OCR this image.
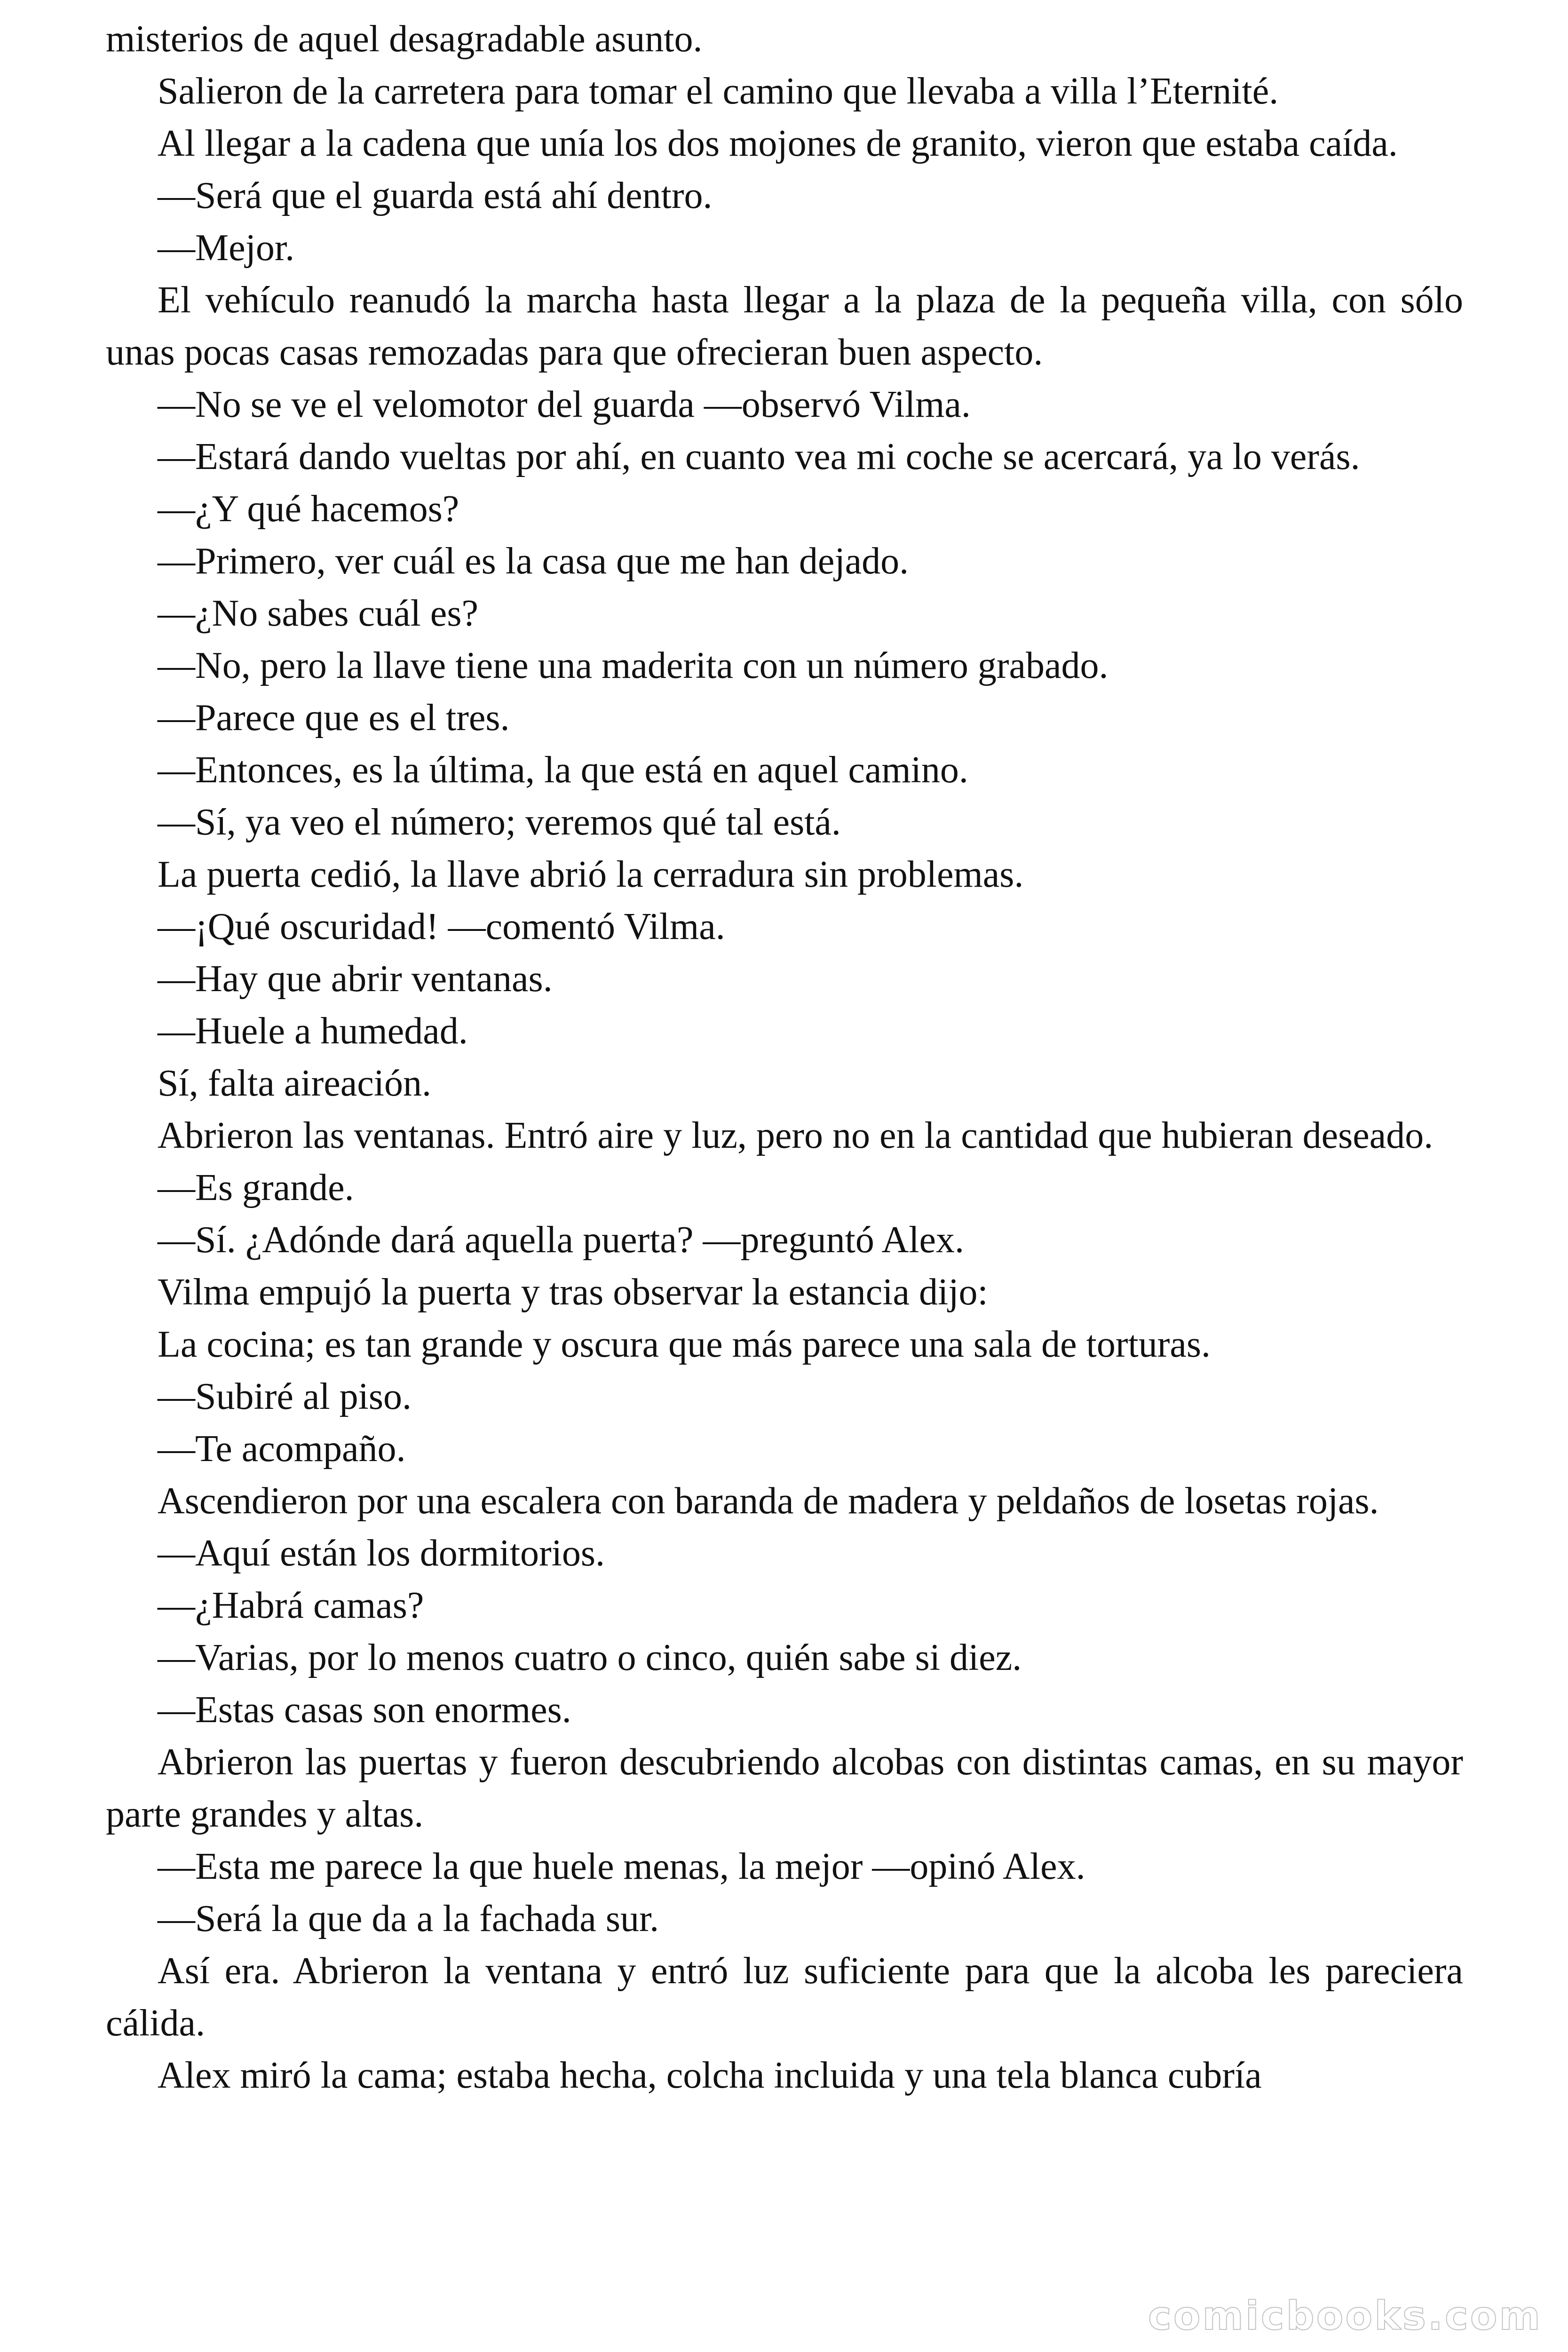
misterios de aquel desagradable asunto.

Salieron de la carretera para tomar el camino que llevaba a villa l’Eternité.

Al llegar a la cadena que unía los dos mojones de granito, vieron que estaba caída.

—Será que el guarda está ahí dentro.

—Mejor.

El vehículo reanudó la marcha hasta llegar a la plaza de la pequeña villa, con sólo unas pocas casas remozadas para que ofrecieran buen aspecto.

—No se ve el velomotor del guarda —observó Vilma.

—Estará dando vueltas por ahí, en cuanto vea mi coche se acercará, ya lo verás.

—¿Y qué hacemos?

—Primero, ver cuál es la casa que me han dejado.

—¿No sabes cuál es?

—No, pero la llave tiene una maderita con un número grabado.

—Parece que es el tres.

—Entonces, es la última, la que está en aquel camino.

—Sí, ya veo el número; veremos qué tal está.

La puerta cedió, la llave abrió la cerradura sin problemas.

—¡Qué oscuridad! —comentó Vilma.

—Hay que abrir ventanas.

—Huele a humedad.

Sí, falta aireación.

Abrieron las ventanas. Entró aire y luz, pero no en la cantidad que hubieran deseado.

—Es grande.

—Sí. ¿Adónde dará aquella puerta? —preguntó Alex.

Vilma empujó la puerta y tras observar la estancia dijo:

La cocina; es tan grande y oscura que más parece una sala de torturas.

—Subiré al piso.

—Te acompaño.

Ascendieron por una escalera con baranda de madera y peldaños de losetas rojas.

—Aquí están los dormitorios.

—¿Habrá camas?

—Varias, por lo menos cuatro o cinco, quién sabe si diez.

—Estas casas son enormes.

Abrieron las puertas y fueron descubriendo alcobas con distintas camas, en su mayor parte grandes y altas.

—Esta me parece la que huele menas, la mejor —opinó Alex.

—Será la que da a la fachada sur.

Así era. Abrieron la ventana y entró luz suficiente para que la alcoba les pareciera cálida.

Alex miró la cama; estaba hecha, colcha incluida y una tela blanca cubría

comicbooks.com
